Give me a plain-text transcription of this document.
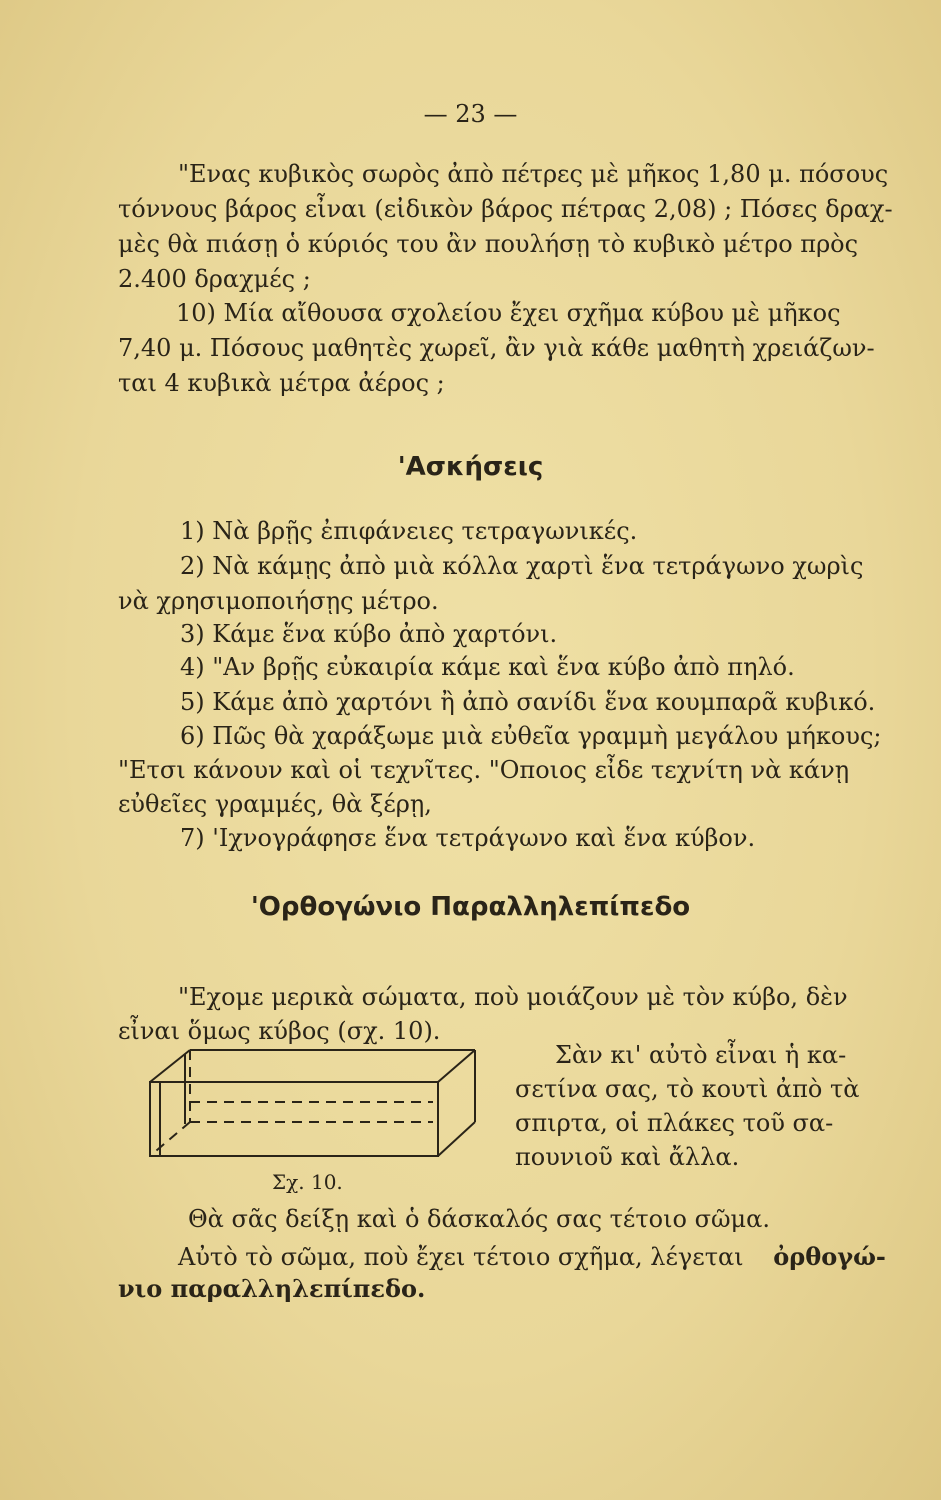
— 23 —
"Ενας κυβικὸς σωρὸς ἀπὸ πέτρες μὲ μῆκος 1,80 μ. πόσους
τόννους βάρος εἶναι (εἰδικὸν βάρος πέτρας 2,08) ; Πόσες δραχ-
μὲς θὰ πιάσῃ ὁ κύριός του ἂν πουλήσῃ τὸ κυβικὸ μέτρο πρὸς
2.400 δραχμές ;
10) Μία αἴθουσα σχολείου ἔχει σχῆμα κύβου μὲ μῆκος
7,40 μ. Πόσους μαθητὲς χωρεῖ, ἂν γιὰ κάθε μαθητὴ χρειάζων-
ται 4 κυβικὰ μέτρα ἀέρος ;
'Ασκήσεις
1) Νὰ βρῇς ἐπιφάνειες τετραγωνικές.
2) Νὰ κάμῃς ἀπὸ μιὰ κόλλα χαρτὶ ἕνα τετράγωνο χωρὶς
νὰ χρησιμοποιήσῃς μέτρο.
3) Κάμε ἕνα κύβο ἀπὸ χαρτόνι.
4) "Αν βρῇς εὐκαιρία κάμε καὶ ἕνα κύβο ἀπὸ πηλό.
5) Κάμε ἀπὸ χαρτόνι ἢ ἀπὸ σανίδι ἕνα κουμπαρᾶ κυβικό.
6) Πῶς θὰ χαράξωμε μιὰ εὐθεῖα γραμμὴ μεγάλου μήκους;
"Ετσι κάνουν καὶ οἱ τεχνῖτες. "Οποιος εἶδε τεχνίτη νὰ κάνῃ
εὐθεῖες γραμμές, θὰ ξέρῃ,
7) 'Ιχνογράφησε ἕνα τετράγωνο καὶ ἕνα κύβον.
'Ορθογώνιο Παραλληλεπίπεδο
"Εχομε μερικὰ σώματα, ποὺ μοιάζουν μὲ τὸν κύβο, δὲν
εἶναι ὅμως κύβος (σχ. 10).
Σχ. 10.
Σὰν κι' αὐτὸ εἶναι ἡ κα-
σετίνα σας, τὸ κουτὶ ἀπὸ τὰ
σπιρτα, οἱ πλάκες τοῦ σα-
πουνιοῦ καὶ ἄλλα.
Θὰ σᾶς δείξῃ καὶ ὁ δάσκαλός σας τέτοιο σῶμα.
Αὐτὸ τὸ σῶμα, ποὺ ἔχει τέτοιο σχῆμα, λέγεται ὀρθογώ-
νιο παραλληλεπίπεδο.
